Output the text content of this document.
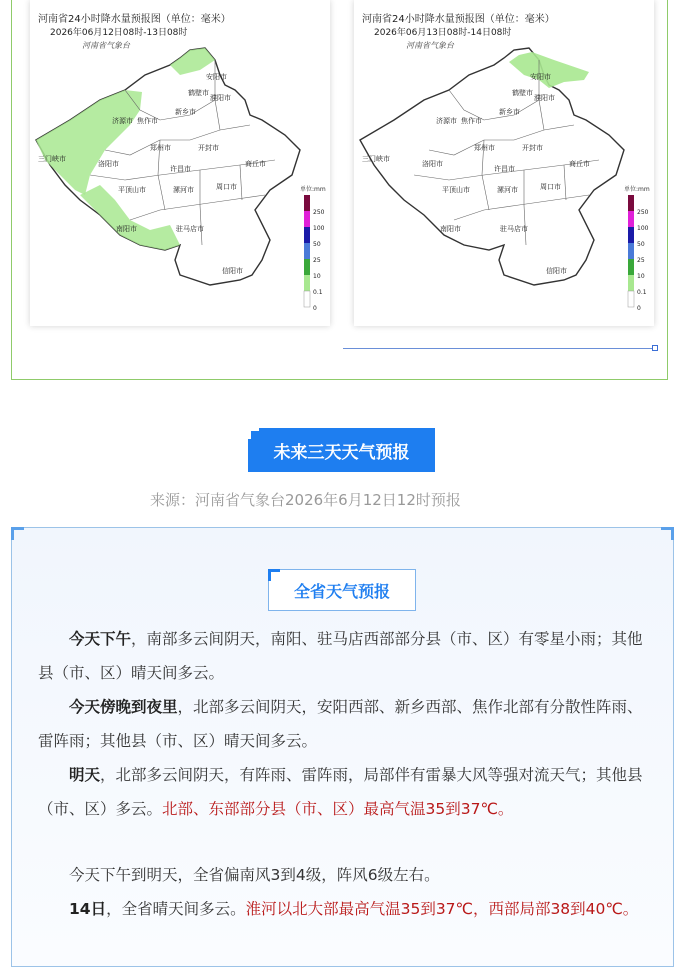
安阳市
鹤壁市
濮阳市
新乡市
济源市 焦作市
三门峡市
洛阳市
郑州市	开封市
许昌市
商丘市
平顶山市	漯河市	周口市
南阳市	驻马店市
信阳市
河南省24小时降水量预报图（单位：毫米）
2026年06月12日08时-13日08时
河南省气象台
单位:mm
250
100
50
25
10
0.1
0
安阳市
鹤壁市
濮阳市
新乡市
济源市 焦作市
三门峡市
洛阳市
郑州市	开封市
许昌市
商丘市
平顶山市	漯河市	周口市
南阳市	驻马店市
信阳市
河南省24小时降水量预报图（单位：毫米）
2026年06月13日08时-14日08时
河南省气象台
单位:mm
250
100
50
25
10
0.1
0
未来三天天气预报
来源：河南省气象台2026年6月12日12时预报
全省天气预报
今天下午，南部多云间阴天，南阳、驻马店西部部分县（市、区）有零星小雨；其他县（市、区）晴天间多云。
今天傍晚到夜里，北部多云间阴天，安阳西部、新乡西部、焦作北部有分散性阵雨、雷阵雨；其他县（市、区）晴天间多云。
明天，北部多云间阴天，有阵雨、雷阵雨，局部伴有雷暴大风等强对流天气；其他县（市、区）多云。北部、东部部分县（市、区）最高气温35到37℃。
今天下午到明天，全省偏南风3到4级，阵风6级左右。
14日，全省晴天间多云。淮河以北大部最高气温35到37℃，西部局部38到40℃。
